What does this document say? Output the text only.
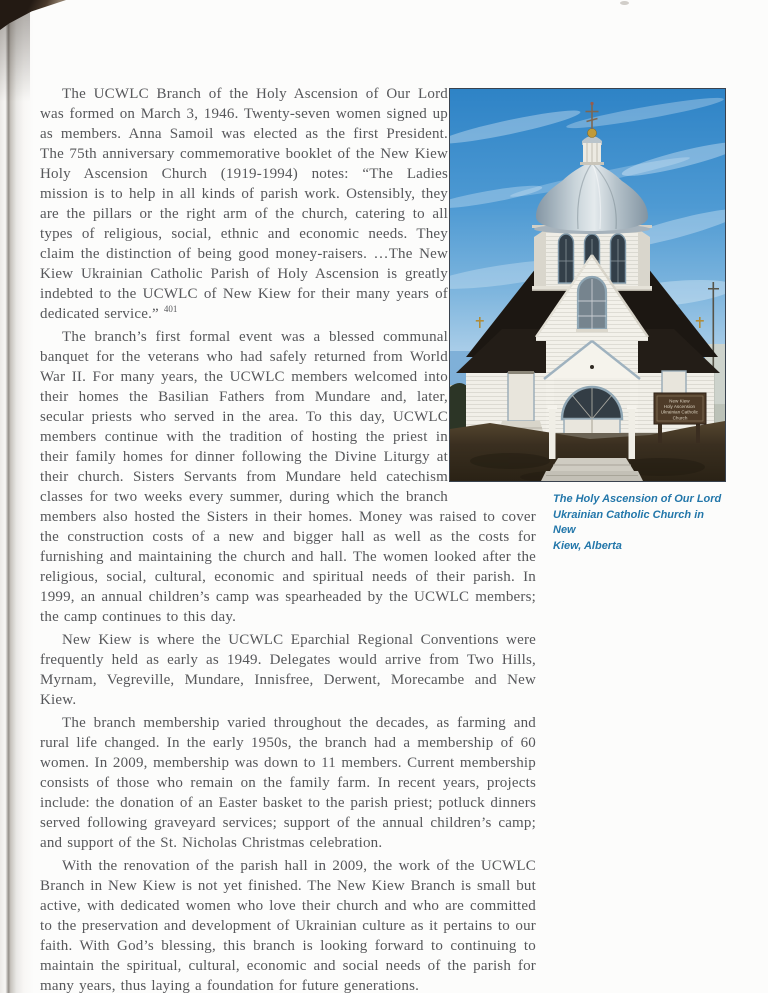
The UCWLC Branch of the Holy Ascension of Our Lord was formed on March 3, 1946. Twenty-seven women signed up as members. Anna Samoil was elected as the first President. The 75th anniversary commemorative booklet of the New Kiew Holy Ascension Church (1919-1994) notes: “The Ladies mission is to help in all kinds of parish work. Ostensibly, they are the pillars or the right arm of the church, catering to all types of religious, social, ethnic and economic needs. They claim the distinction of being good money-raisers. …The New Kiew Ukrainian Catholic Parish of Holy Ascension is greatly indebted to the UCWLC of New Kiew for their many years of dedicated service.” $^{401}$

The branch’s first formal event was a blessed communal banquet for the veterans who had safely returned from World War II. For many years, the UCWLC members welcomed into their homes the Basilian Fathers from Mundare and, later, secular priests who served in the area. To this day, UCWLC members continue with the tradition of hosting the priest in their family homes for dinner following the Divine Liturgy at their church. Sisters Servants from Mundare held catechism classes for two weeks every summer, during which the branch members also hosted the Sisters in their homes. Money was raised to cover the construction costs of a new and bigger hall as well as the costs for furnishing and maintaining the church and hall. The women looked after the religious, social, cultural, economic and spiritual needs of their parish. In 1999, an annual children’s camp was spearheaded by the UCWLC members; the camp continues to this day.

New Kiew is where the UCWLC Eparchial Regional Conventions were frequently held as early as 1949. Delegates would arrive from Two Hills, Myrnam, Vegreville, Mundare, Innisfree, Derwent, Morecambe and New Kiew.

The branch membership varied throughout the decades, as farming and rural life changed. In the early 1950s, the branch had a membership of 60 women. In 2009, membership was down to 11 members. Current membership consists of those who remain on the family farm. In recent years, projects include: the donation of an Easter basket to the parish priest; potluck dinners served following graveyard services; support of the annual children’s camp; and support of the St. Nicholas Christmas celebration.

With the renovation of the parish hall in 2009, the work of the UCWLC Branch in New Kiew is not yet finished. The New Kiew Branch is small but active, with dedicated women who love their church and who are committed to the preservation and development of Ukrainian culture as it pertains to our faith. With God’s blessing, this branch is looking forward to continuing to maintain the spiritual, cultural, economic and social needs of the parish for many years, thus laying a foundation for future generations.

New Kiew Holy Ascension Ukrainian Catholic Church
The Holy Ascension of Our Lord
Ukrainian Catholic Church in New
Kiew, Alberta
